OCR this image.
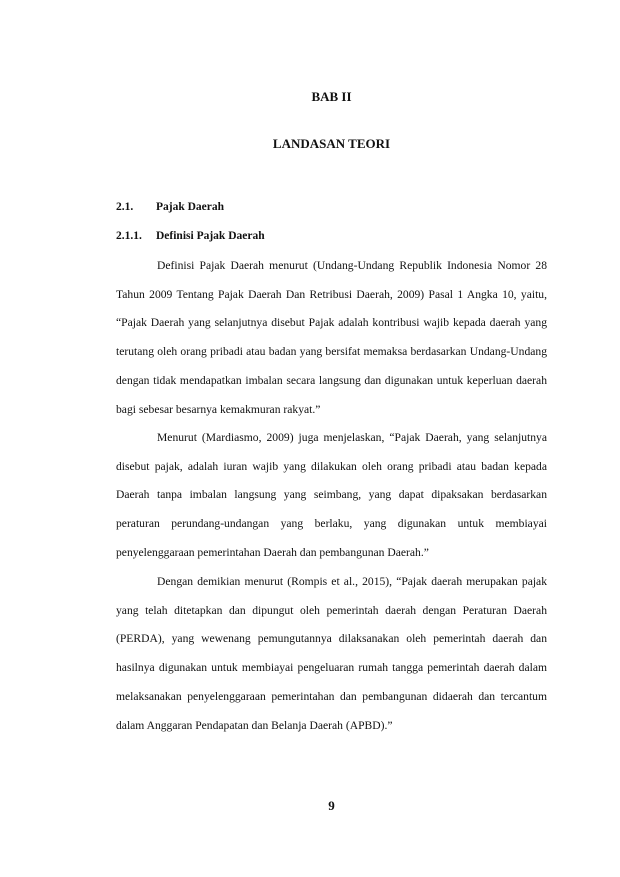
BAB II
LANDASAN TEORI
2.1. Pajak Daerah
2.1.1. Definisi Pajak Daerah

Definisi Pajak Daerah menurut (Undang-Undang Republik Indonesia Nomor 28 Tahun 2009 Tentang Pajak Daerah Dan Retribusi Daerah, 2009) Pasal 1 Angka 10, yaitu, “Pajak Daerah yang selanjutnya disebut Pajak adalah kontribusi wajib kepada daerah yang terutang oleh orang pribadi atau badan yang bersifat memaksa berdasarkan Undang-Undang dengan tidak mendapatkan imbalan secara langsung dan digunakan untuk keperluan daerah bagi sebesar besarnya kemakmuran rakyat.”

Menurut (Mardiasmo, 2009) juga menjelaskan, “Pajak Daerah, yang selanjutnya disebut pajak, adalah iuran wajib yang dilakukan oleh orang pribadi atau badan kepada Daerah tanpa imbalan langsung yang seimbang, yang dapat dipaksakan berdasarkan peraturan perundang-undangan yang berlaku, yang digunakan untuk membiayai penyelenggaraan pemerintahan Daerah dan pembangunan Daerah.”

Dengan demikian menurut (Rompis et al., 2015), “Pajak daerah merupakan pajak yang telah ditetapkan dan dipungut oleh pemerintah daerah dengan Peraturan Daerah (PERDA), yang wewenang pemungutannya dilaksanakan oleh pemerintah daerah dan hasilnya digunakan untuk membiayai pengeluaran rumah tangga pemerintah daerah dalam melaksanakan penyelenggaraan pemerintahan dan pembangunan didaerah dan tercantum dalam Anggaran Pendapatan dan Belanja Daerah (APBD).”

9
